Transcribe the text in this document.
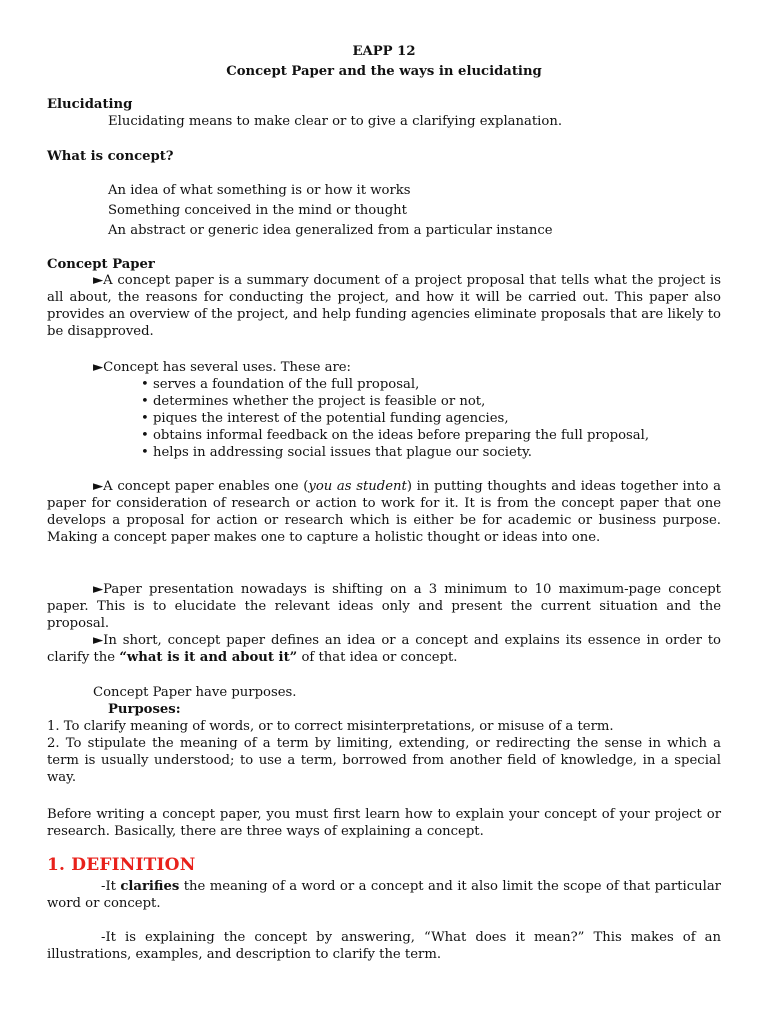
EAPP 12
Concept Paper and the ways in elucidating
Elucidating
Elucidating means to make clear or to give a clarifying explanation.
What is concept?
An idea of what something is or how it works
Something conceived in the mind or thought
An abstract or generic idea generalized from a particular instance
Concept Paper

►A concept paper is a summary document of a project proposal that tells what the project is all about, the reasons for conducting the project, and how it will be carried out. This paper also provides an overview of the project, and help funding agencies eliminate proposals that are likely to be disapproved.

►Concept has several uses. These are:
• serves a foundation of the full proposal,
• determines whether the project is feasible or not,
• piques the interest of the potential funding agencies,
• obtains informal feedback on the ideas before preparing the full proposal,
• helps in addressing social issues that plague our society.

►A concept paper enables one (you as student) in putting thoughts and ideas together into a paper for consideration of research or action to work for it. It is from the concept paper that one develops a proposal for action or research which is either be for academic or business purpose. Making a concept paper makes one to capture a holistic thought or ideas into one.

►Paper presentation nowadays is shifting on a 3 minimum to 10 maximum-page concept paper. This is to elucidate the relevant ideas only and present the current situation and the proposal.

►In short, concept paper defines an idea or a concept and explains its essence in order to clarify the “what is it and about it” of that idea or concept.

Concept Paper have purposes.
Purposes:
1. To clarify meaning of words, or to correct misinterpretations, or misuse of a term.
2. To stipulate the meaning of a term by limiting, extending, or redirecting the sense in which a term is usually understood; to use a term, borrowed from another field of knowledge, in a special way.

Before writing a concept paper, you must first learn how to explain your concept of your project or research. Basically, there are three ways of explaining a concept.

1. DEFINITION

-It clarifies the meaning of a word or a concept and it also limit the scope of that particular word or concept.

-It is explaining the concept by answering, “What does it mean?” This makes of an illustrations, examples, and description to clarify the term.
